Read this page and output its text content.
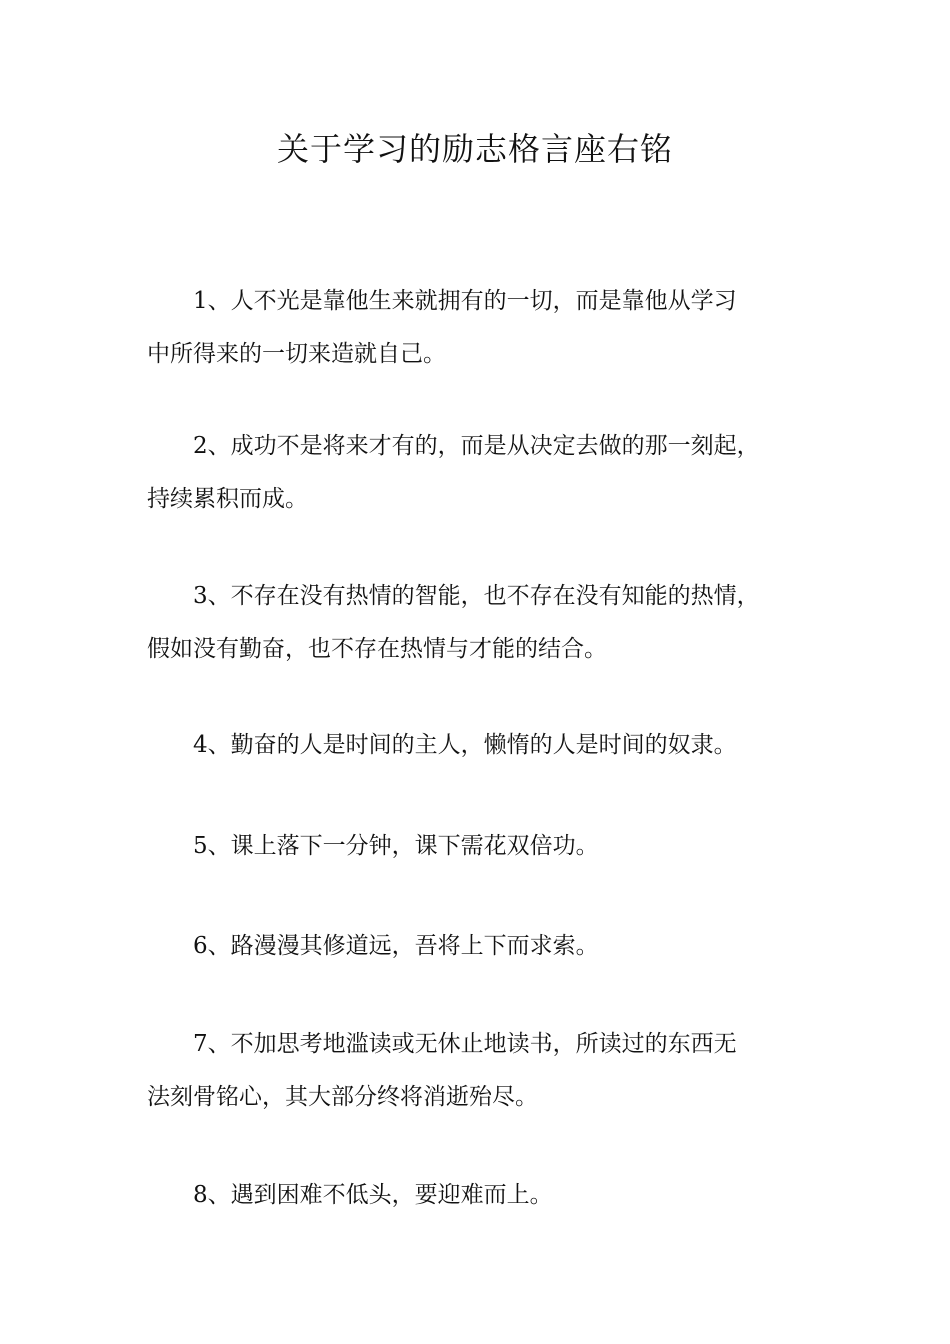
关于学习的励志格言座右铭

1、人不光是靠他生来就拥有的一切，而是靠他从学习
中所得来的一切来造就自己。

2、成功不是将来才有的，而是从决定去做的那一刻起，
持续累积而成。

3、不存在没有热情的智能，也不存在没有知能的热情，
假如没有勤奋，也不存在热情与才能的结合。

4、勤奋的人是时间的主人，懒惰的人是时间的奴隶。

5、课上落下一分钟，课下需花双倍功。

6、路漫漫其修道远，吾将上下而求索。

7、不加思考地滥读或无休止地读书，所读过的东西无
法刻骨铭心，其大部分终将消逝殆尽。

8、遇到困难不低头，要迎难而上。
